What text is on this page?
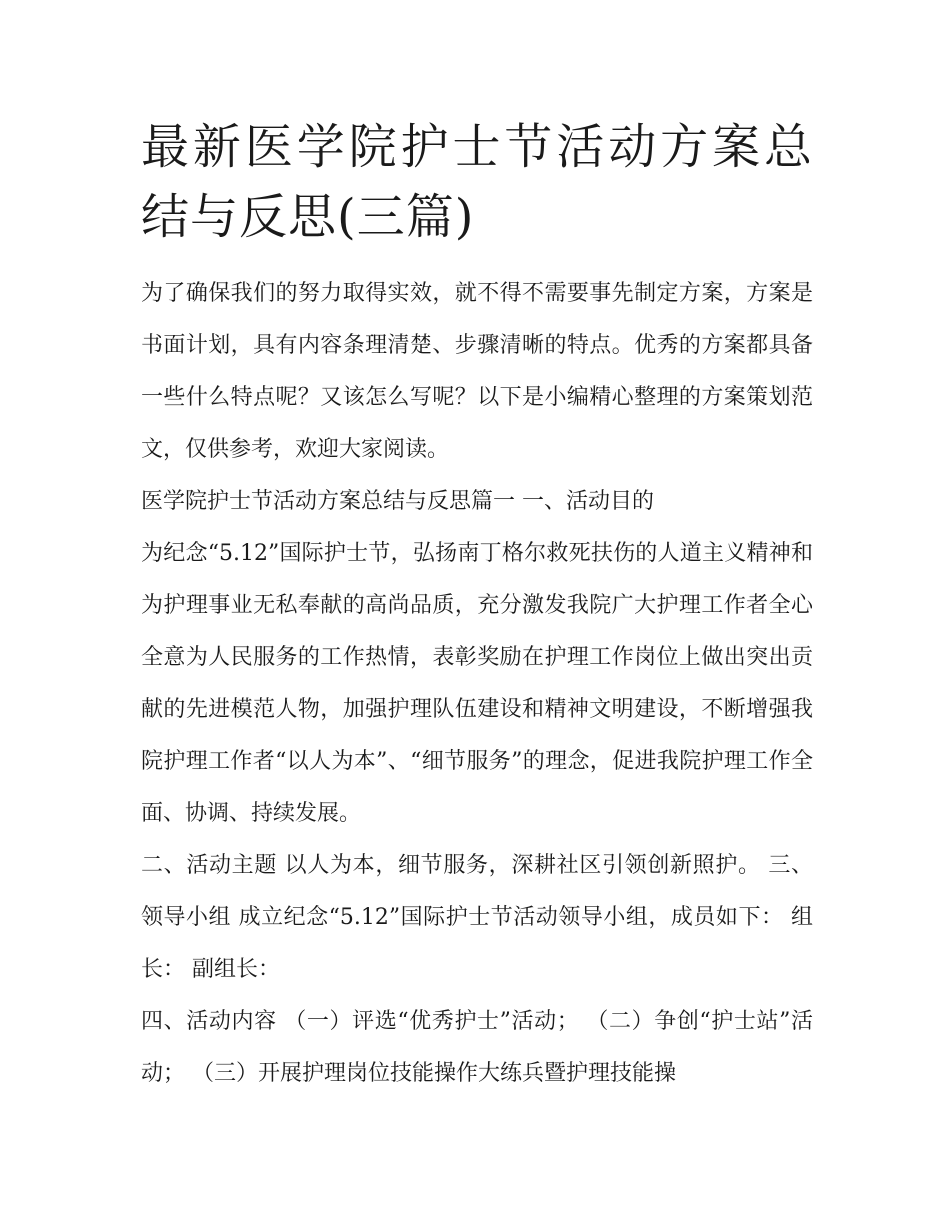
最新医学院护士节活动方案总结与反思(三篇)

为了确保我们的努力取得实效，就不得不需要事先制定方案，方案是书面计划，具有内容条理清楚、步骤清晰的特点。优秀的方案都具备一些什么特点呢？又该怎么写呢？以下是小编精心整理的方案策划范文，仅供参考，欢迎大家阅读。

医学院护士节活动方案总结与反思篇一 一、活动目的

为纪念“5.12”国际护士节，弘扬南丁格尔救死扶伤的人道主义精神和为护理事业无私奉献的高尚品质，充分激发我院广大护理工作者全心全意为人民服务的工作热情，表彰奖励在护理工作岗位上做出突出贡献的先进模范人物，加强护理队伍建设和精神文明建设，不断增强我院护理工作者“以人为本”、“细节服务”的理念，促进我院护理工作全面、协调、持续发展。

二、活动主题 以人为本，细节服务，深耕社区引领创新照护。 三、领导小组 成立纪念“5.12”国际护士节活动领导小组，成员如下： 组长： 副组长：

四、活动内容 （一）评选“优秀护士”活动； （二）争创“护士站”活动； （三）开展护理岗位技能操作大练兵暨护理技能操
